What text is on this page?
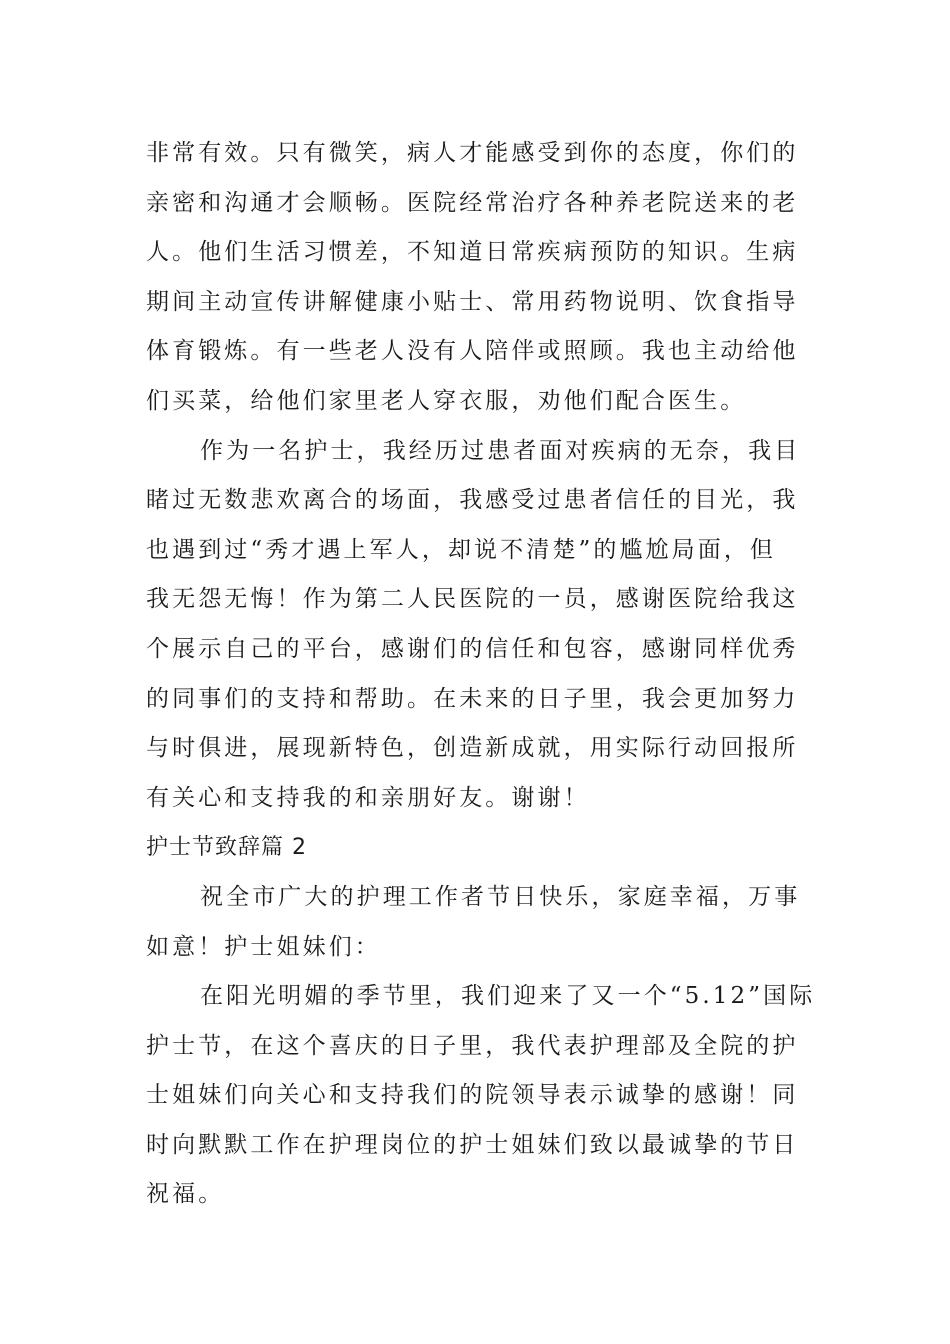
非常有效。只有微笑，病人才能感受到你的态度，你们的
亲密和沟通才会顺畅。医院经常治疗各种养老院送来的老
人。他们生活习惯差，不知道日常疾病预防的知识。生病
期间主动宣传讲解健康小贴士、常用药物说明、饮食指导
体育锻炼。有一些老人没有人陪伴或照顾。我也主动给他
们买菜，给他们家里老人穿衣服，劝他们配合医生。
作为一名护士，我经历过患者面对疾病的无奈，我目
睹过无数悲欢离合的场面，我感受过患者信任的目光，我
也遇到过“秀才遇上军人，却说不清楚”的尴尬局面，但
我无怨无悔！作为第二人民医院的一员，感谢医院给我这
个展示自己的平台，感谢们的信任和包容，感谢同样优秀
的同事们的支持和帮助。在未来的日子里，我会更加努力
与时俱进，展现新特色，创造新成就，用实际行动回报所
有关心和支持我的和亲朋好友。谢谢！
护士节致辞篇 2
祝全市广大的护理工作者节日快乐，家庭幸福，万事
如意！护士姐妹们：
在阳光明媚的季节里，我们迎来了又一个“5.12”国际
护士节，在这个喜庆的日子里，我代表护理部及全院的护
士姐妹们向关心和支持我们的院领导表示诚挚的感谢！同
时向默默工作在护理岗位的护士姐妹们致以最诚挚的节日
祝福。
